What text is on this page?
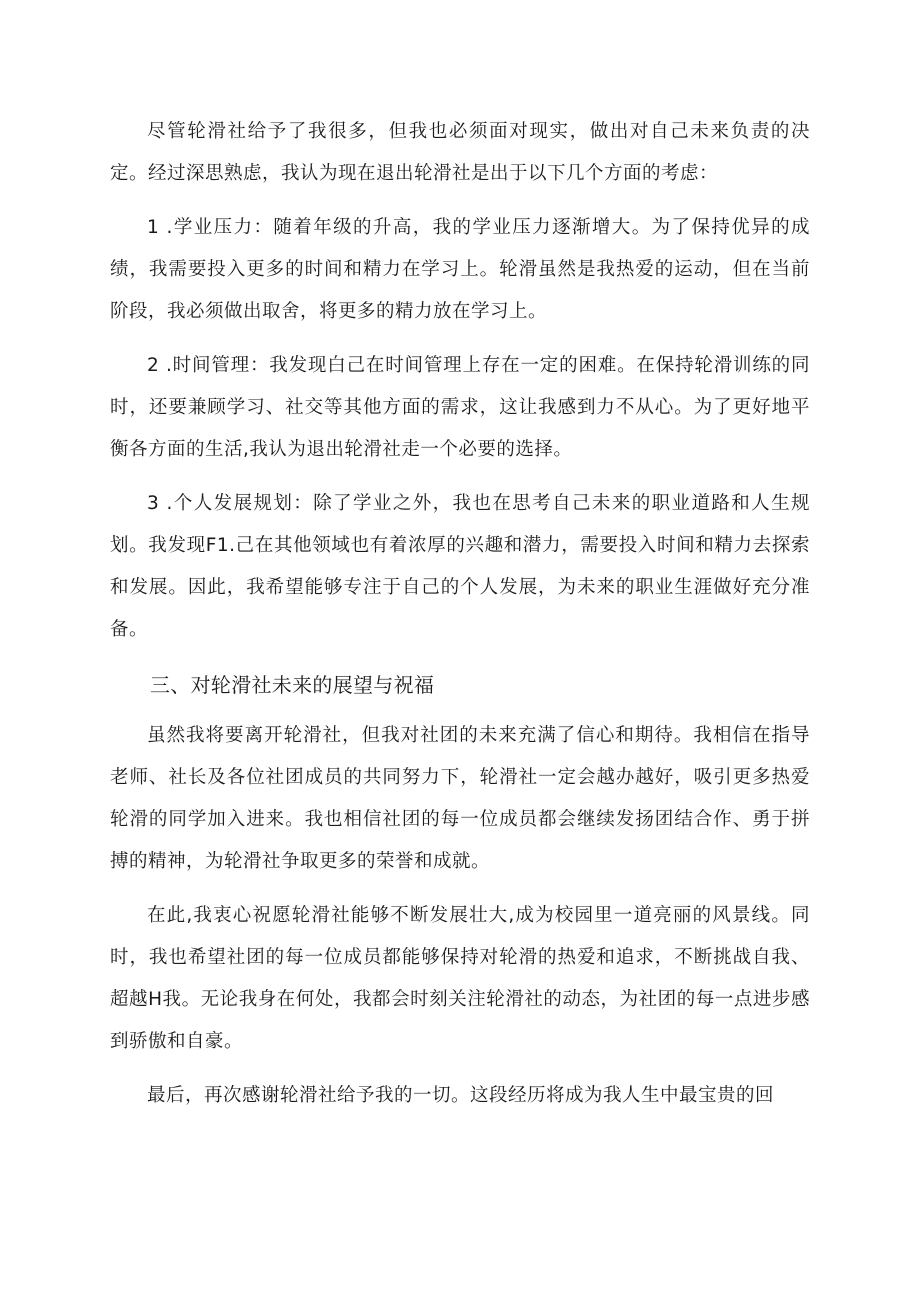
尽管轮滑社给予了我很多，但我也必须面对现实，做出对自己未来负责的决定。经过深思熟虑，我认为现在退出轮滑社是出于以下几个方面的考虑：

1 .学业压力：随着年级的升高，我的学业压力逐渐增大。为了保持优异的成绩，我需要投入更多的时间和精力在学习上。轮滑虽然是我热爱的运动，但在当前阶段，我必须做出取舍，将更多的精力放在学习上。

2 .时间管理：我发现白己在时间管理上存在一定的困难。在保持轮滑训练的同时，还要兼顾学习、社交等其他方面的需求，这让我感到力不从心。为了更好地平衡各方面的生活,我认为退出轮滑社走一个必要的选择。

3 .个人发展规划：除了学业之外，我也在思考自己未来的职业道路和人生规划。我发现F1.己在其他领域也有着浓厚的兴趣和潜力，需要投入时间和精力去探索和发展。因此，我希望能够专注于自己的个人发展，为未来的职业生涯做好充分准备。

三、对轮滑社未来的展望与祝福

虽然我将要离开轮滑社，但我对社团的未来充满了信心和期待。我相信在指导老师、社长及各位社团成员的共同努力下，轮滑社一定会越办越好，吸引更多热爱轮滑的同学加入进来。我也相信社团的每一位成员都会继续发扬团结合作、勇于拼搏的精神，为轮滑社争取更多的荣誉和成就。

在此,我衷心祝愿轮滑社能够不断发展壮大,成为校园里一道亮丽的风景线。同时，我也希望社团的每一位成员都能够保持对轮滑的热爱和追求，不断挑战自我、超越H我。无论我身在何处，我都会时刻关注轮滑社的动态，为社团的每一点进步感到骄傲和自豪。

最后，再次感谢轮滑社给予我的一切。这段经历将成为我人生中最宝贵的回
